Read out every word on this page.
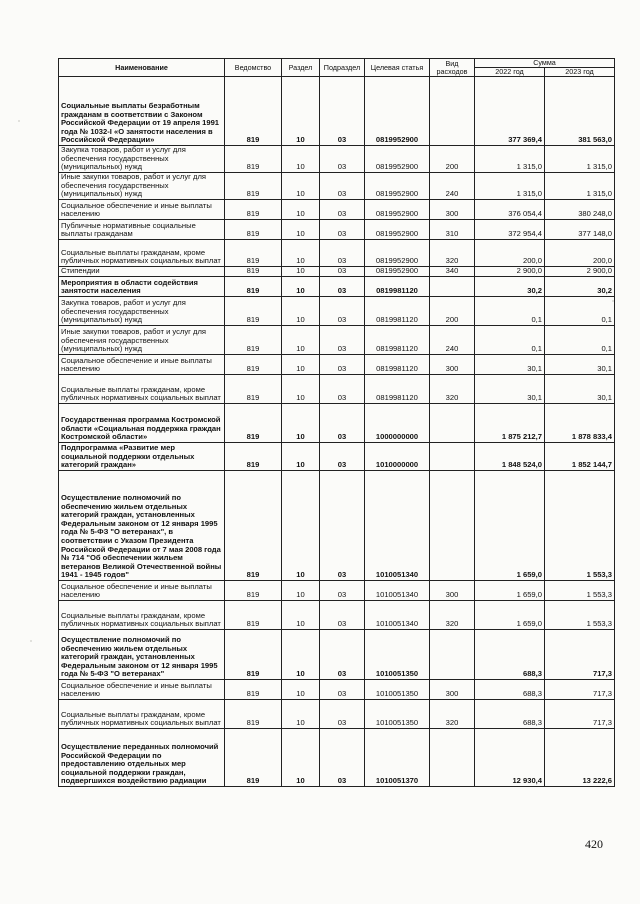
Наименование	Ведомство	Раздел	Подраздел	Целевая статья	Вид расходов	Сумма	
						2022 год	2023 год
Социальные выплаты безработным гражданам в соответствии с Законом Российской Федерации от 19 апреля 1991 года № 1032-I «О занятости населения в Российской Федерации»	819	10	03	0819952900		377 369,4	381 563,0
Закупка товаров, работ и услуг для обеспечения государственных (муниципальных) нужд	819	10	03	0819952900	200	1 315,0	1 315,0
Иные закупки товаров, работ и услуг для обеспечения государственных (муниципальных) нужд	819	10	03	0819952900	240	1 315,0	1 315,0
Социальное обеспечение и иные выплаты населению	819	10	03	0819952900	300	376 054,4	380 248,0
Публичные нормативные социальные выплаты гражданам	819	10	03	0819952900	310	372 954,4	377 148,0
Социальные выплаты гражданам, кроме публичных нормативных социальных выплат	819	10	03	0819952900	320	200,0	200,0
Стипендии	819	10	03	0819952900	340	2 900,0	2 900,0
Мероприятия в области содействия занятости населения	819	10	03	0819981120		30,2	30,2
Закупка товаров, работ и услуг для обеспечения государственных (муниципальных) нужд	819	10	03	0819981120	200	0,1	0,1
Иные закупки товаров, работ и услуг для обеспечения государственных (муниципальных) нужд	819	10	03	0819981120	240	0,1	0,1
Социальное обеспечение и иные выплаты населению	819	10	03	0819981120	300	30,1	30,1
Социальные выплаты гражданам, кроме публичных нормативных социальных выплат	819	10	03	0819981120	320	30,1	30,1
Государственная программа Костромской области «Социальная поддержка граждан Костромской области»	819	10	03	1000000000		1 875 212,7	1 878 833,4
Подпрограмма «Развитие мер социальной поддержки отдельных категорий граждан»	819	10	03	1010000000		1 848 524,0	1 852 144,7
Осуществление полномочий по обеспечению жильем отдельных категорий граждан, установленных Федеральным законом от 12 января 1995 года № 5-ФЗ "О ветеранах", в соответствии с Указом Президента Российской Федерации от 7 мая 2008 года № 714 "Об обеспечении жильем ветеранов Великой Отечественной войны 1941 - 1945 годов"	819	10	03	1010051340		1 659,0	1 553,3
Социальное обеспечение и иные выплаты населению	819	10	03	1010051340	300	1 659,0	1 553,3
Социальные выплаты гражданам, кроме публичных нормативных социальных выплат	819	10	03	1010051340	320	1 659,0	1 553,3
Осуществление полномочий по обеспечению жильем отдельных категорий граждан, установленных Федеральным законом от 12 января 1995 года № 5-ФЗ "О ветеранах"	819	10	03	1010051350		688,3	717,3
Социальное обеспечение и иные выплаты населению	819	10	03	1010051350	300	688,3	717,3
Социальные выплаты гражданам, кроме публичных нормативных социальных выплат	819	10	03	1010051350	320	688,3	717,3
Осуществление переданных полномочий Российской Федерации по предоставлению отдельных мер социальной поддержки граждан, подвергшихся воздействию радиации	819	10	03	1010051370		12 930,4	13 222,6
420
